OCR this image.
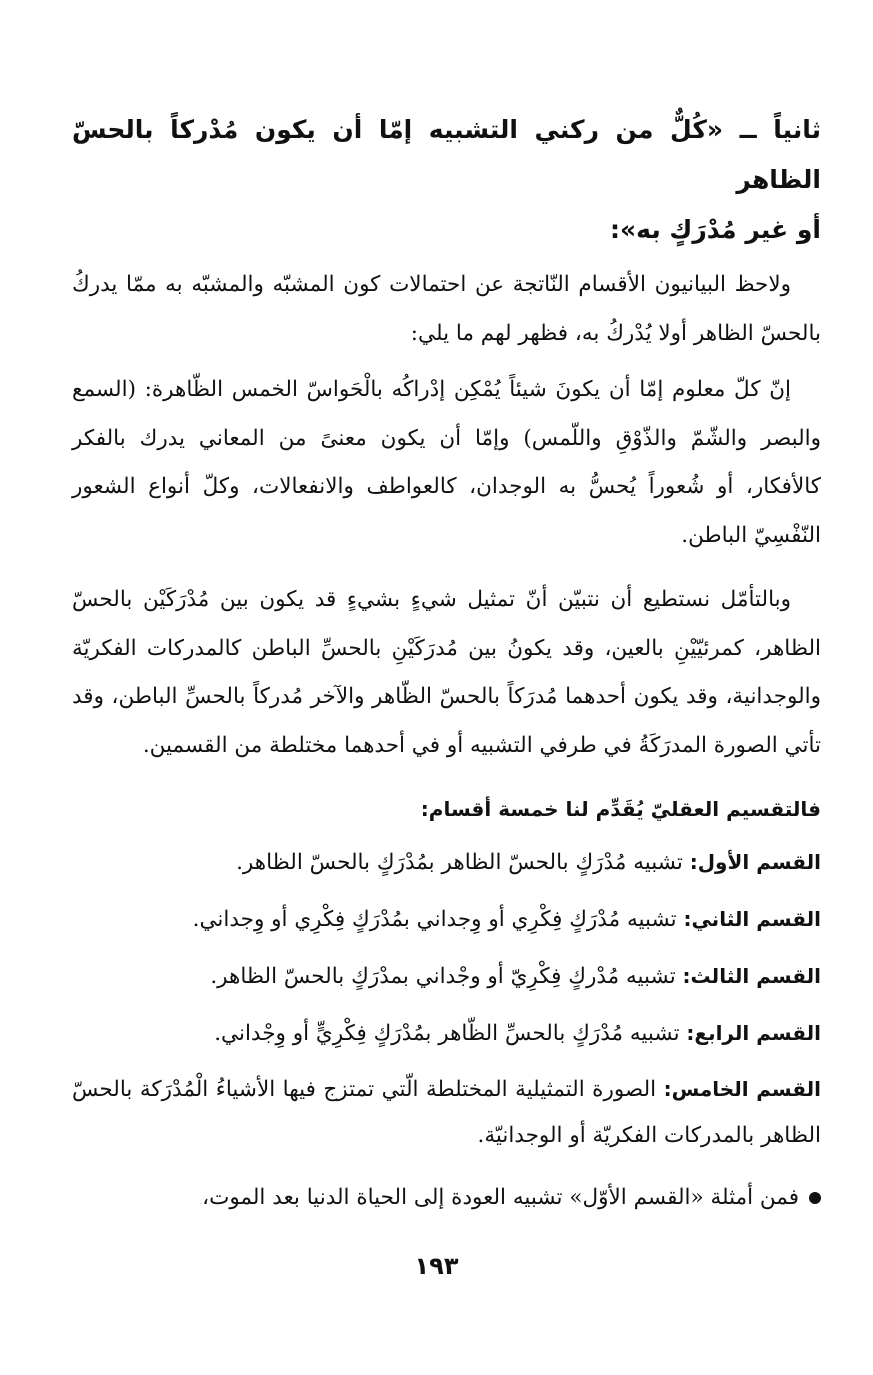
ثانياً ــ «كُلٌّ من ركني التشبيه إمّا أن يكون مُدْركاً بالحسّ الظاهر
أو غير مُدْرَكٍ به»:

ولاحظ البيانيون الأقسام النّاتجة عن احتمالات كون المشبّه والمشبّه به ممّا يدركُ بالحسّ الظاهر أولا يُدْركُ به، فظهر لهم ما يلي:

إنّ كلّ معلوم إمّا أن يكونَ شيئاً يُمْكِن إدْراكُه بالْحَواسّ الخمس الظّاهرة: (السمع والبصر والشّمّ والذّوْقِ واللّمس) وإمّا أن يكون معنىً من المعاني يدرك بالفكر كالأفكار، أو شُعوراً يُحسُّ به الوجدان، كالعواطف والانفعالات، وكلّ أنواع الشعور النّفْسِيّ الباطن.

وبالتأمّل نستطيع أن نتبيّن أنّ تمثيل شيءٍ بشيءٍ قد يكون بين مُدْرَكَيْن بالحسّ الظاهر، كمرئيّيْنِ بالعين، وقد يكونُ بين مُدرَكَيْنِ بالحسِّ الباطن كالمدركات الفكريّة والوجدانية، وقد يكون أحدهما مُدرَكاً بالحسّ الظّاهر والآخر مُدركاً بالحسِّ الباطن، وقد تأتي الصورة المدرَكَةُ في طرفي التشبيه أو في أحدهما مختلطة من القسمين.

فالتقسيم العقليّ يُقَدِّم لنا خمسة أقسام:
القسم الأول: تشبيه مُدْرَكٍ بالحسّ الظاهر بمُدْرَكٍ بالحسّ الظاهر.
القسم الثاني: تشبيه مُدْرَكٍ فِكْرِي أو وِجداني بمُدْرَكٍ فِكْرِي أو وِجداني.
القسم الثالث: تشبيه مُدْركٍ فِكْرِيّ أو وجْداني بمدْرَكٍ بالحسّ الظاهر.
القسم الرابع: تشبيه مُدْرَكٍ بالحسِّ الظّاهر بمُدْرَكٍ فِكْرِيٍّ أو وِجْداني.
القسم الخامس: الصورة التمثيلية المختلطة الّتي تمتزج فيها الأشياءُ الْمُدْرَكة بالحسّ الظاهر بالمدركات الفكريّة أو الوجدانيّة.
فمن أمثلة «القسم الأوّل» تشبيه العودة إلى الحياة الدنيا بعد الموت،
١٩٣
